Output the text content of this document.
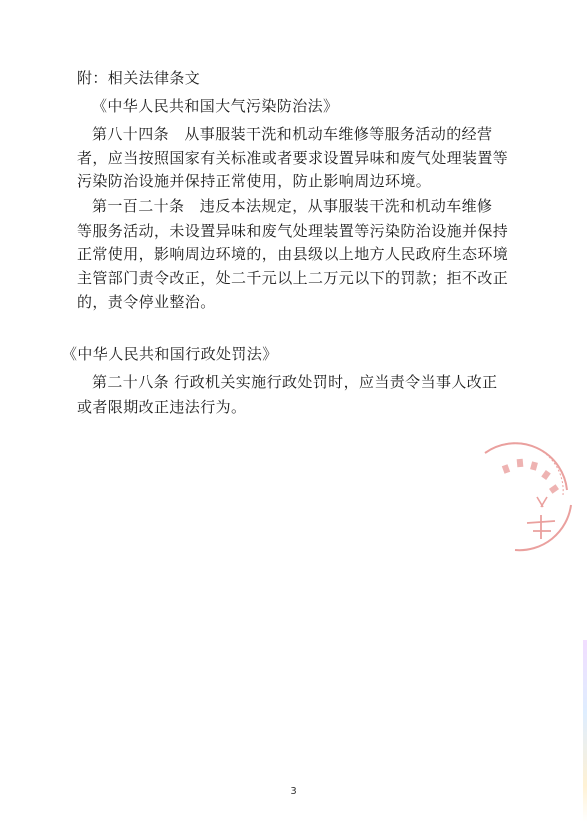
附：相关法律条文
《中华人民共和国大气污染防治法》
第八十四条　从事服装干洗和机动车维修等服务活动的经营
者，应当按照国家有关标准或者要求设置异味和废气处理装置等
污染防治设施并保持正常使用，防止影响周边环境。
第一百二十条　违反本法规定，从事服装干洗和机动车维修
等服务活动，未设置异味和废气处理装置等污染防治设施并保持
正常使用，影响周边环境的，由县级以上地方人民政府生态环境
主管部门责令改正，处二千元以上二万元以下的罚款；拒不改正
的，责令停业整治。
《中华人民共和国行政处罚法》
第二十八条 行政机关实施行政处罚时，应当责令当事人改正
或者限期改正违法行为。
3
